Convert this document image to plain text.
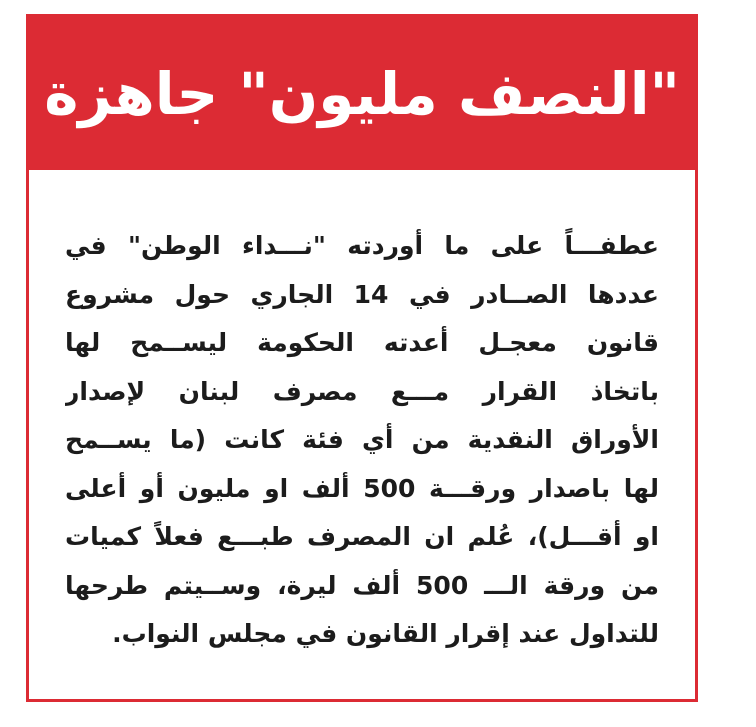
"النصف مليون" جاهزة
عطفـــاً على ما أوردته "نـــداء الوطن" في
عددها الصــادر في 14 الجاري حول مشروع
قانون معجـل أعدته الحكومة ليســمح لها
باتخاذ القرار مـــع مصرف لبنان لإصدار
الأوراق النقدية من أي فئة كانت (ما يســمح
لها باصدار ورقـــة 500 ألف او مليون أو أعلى
او أقـــل)، عُلم ان المصرف طبـــع فعلاً كميات
من ورقة الـــ 500 ألف ليرة، وســيتم طرحها
للتداول عند إقرار القانون في مجلس النواب.
